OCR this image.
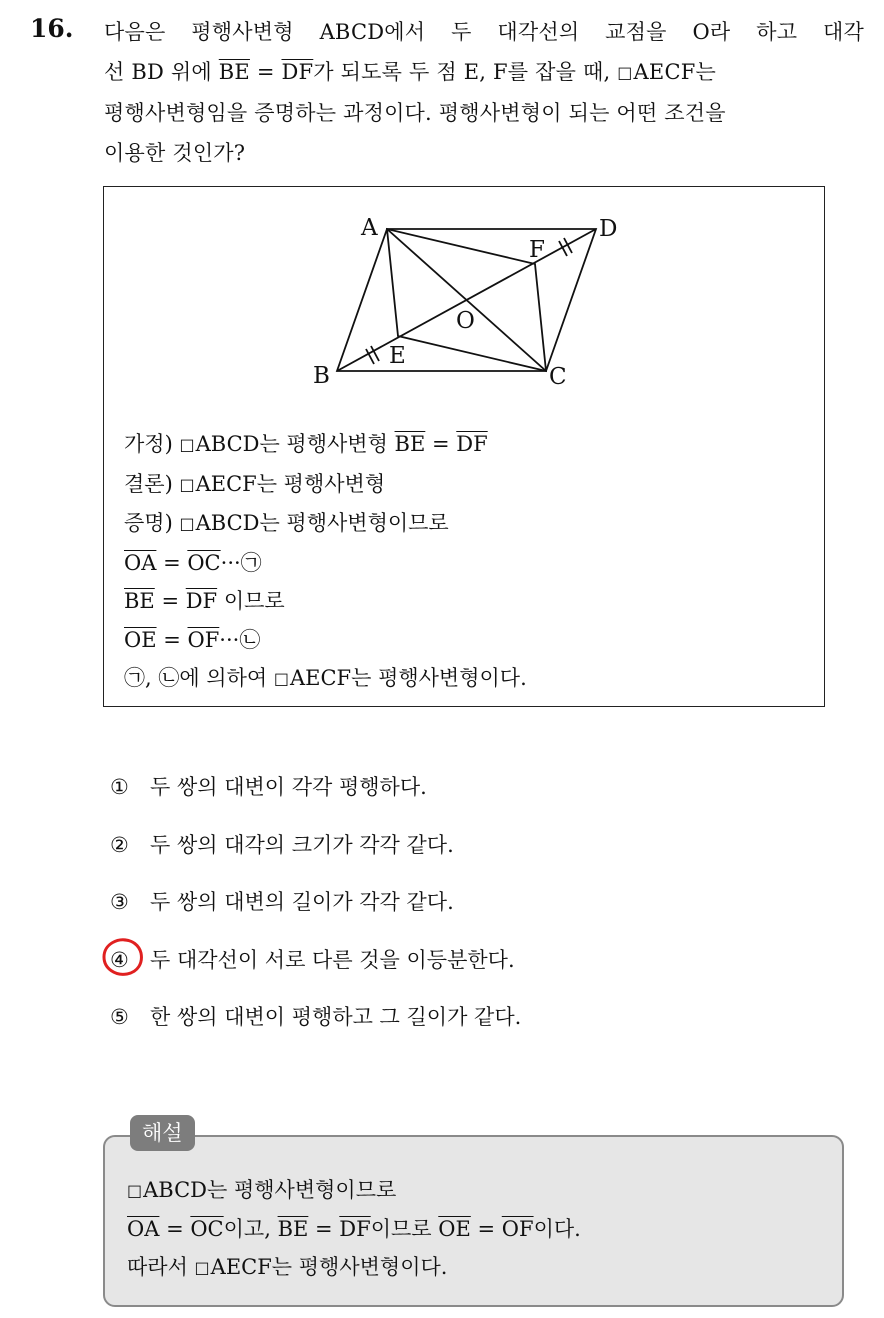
16. 다음은 평행사변형 ABCD에서 두 대각선의 교점을 O라 하고 대각
선 BD 위에 $\overline{BE} = \overline{DF}$가 되도록 두 점 E, F를 잡을 때, □AECF는
평행사변형임을 증명하는 과정이다. 평행사변형이 되는 어떤 조건을
이용한 것인가?
A	D
B	C
E
F
O
가정) □ABCD는 평행사변형 $\overline{BE} = \overline{DF}$
결론) □AECF는 평행사변형
증명) □ABCD는 평행사변형이므로
$\overline{OA}$ = $\overline{OC}\cdot\cdot\cdot㉠$
$\overline{BE} = \overline{DF}$ 이므로
$\overline{OE}$ = $\overline{OF}\cdot\cdot\cdot㉡$
㉠, ㉡에 의하여 □AECF는 평행사변형이다.
① 두 쌍의 대변이 각각 평행하다.
② 두 쌍의 대각의 크기가 각각 같다.
③ 두 쌍의 대변의 길이가 각각 같다.
④ 두 대각선이 서로 다른 것을 이등분한다.
⑤ 한 쌍의 대변이 평행하고 그 길이가 같다.
해설
□ABCD는 평행사변형이므로
$\overline{OA} = \overline{OC}$이고, $\overline{BE} = \overline{DF}$이므로 $\overline{OE} = \overline{OF}$이다.
따라서 □AECF는 평행사변형이다.
